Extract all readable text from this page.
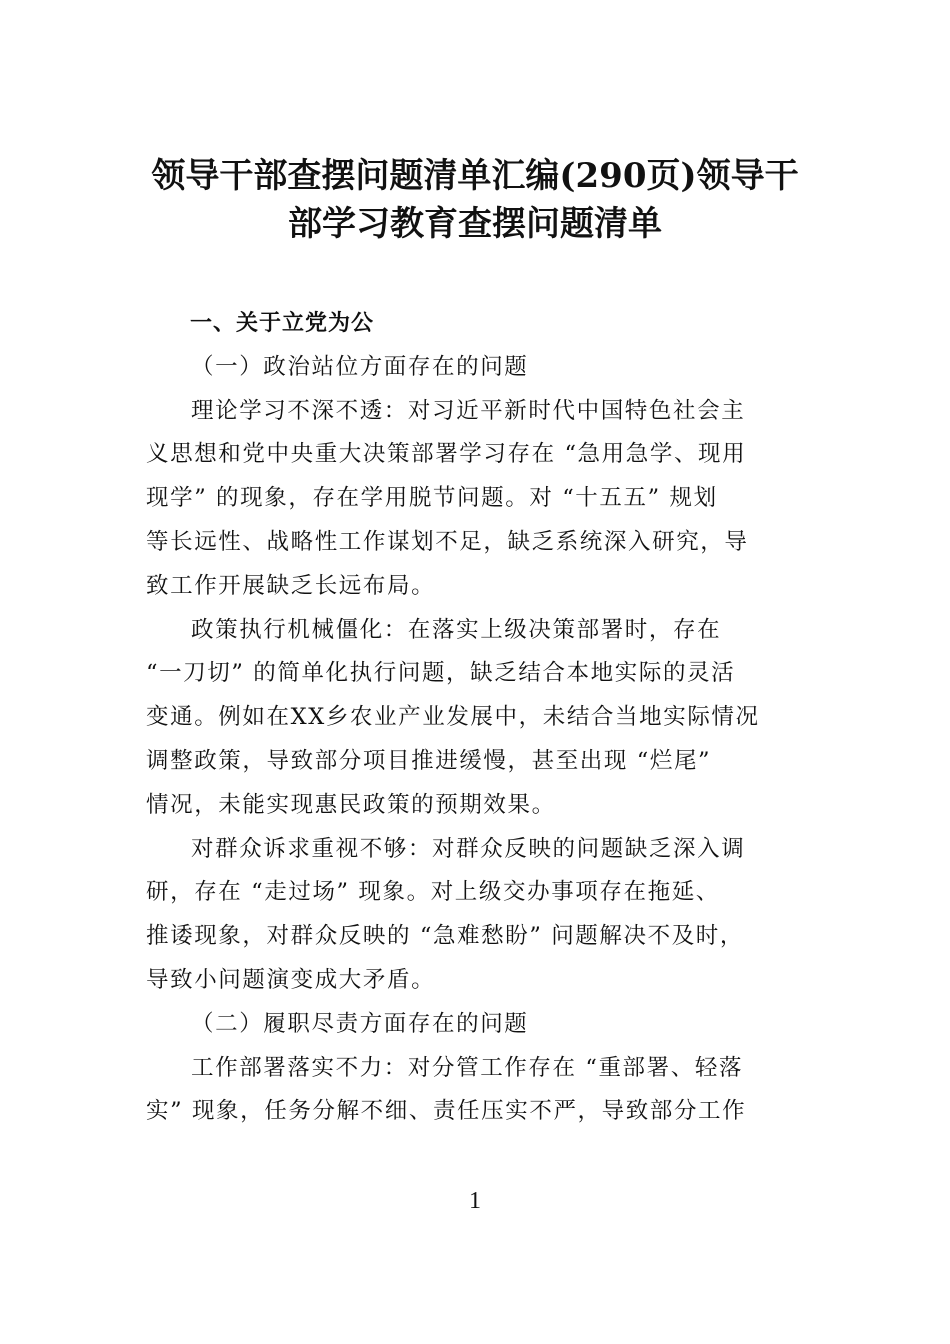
领导干部查摆问题清单汇编(290页)领导干
部学习教育查摆问题清单

一、关于立党为公

（一）政治站位方面存在的问题

理论学习不深不透：对习近平新时代中国特色社会主
义思想和党中央重大决策部署学习存在 “急用急学、现用
现学” 的现象，存在学用脱节问题。对 “十五五” 规划
等长远性、战略性工作谋划不足，缺乏系统深入研究，导
致工作开展缺乏长远布局。

政策执行机械僵化：在落实上级决策部署时，存在
“一刀切” 的简单化执行问题，缺乏结合本地实际的灵活
变通。例如在XX乡农业产业发展中，未结合当地实际情况
调整政策，导致部分项目推进缓慢，甚至出现 “烂尾”
情况，未能实现惠民政策的预期效果。

对群众诉求重视不够：对群众反映的问题缺乏深入调
研，存在 “走过场” 现象。对上级交办事项存在拖延、
推诿现象，对群众反映的 “急难愁盼” 问题解决不及时，
导致小问题演变成大矛盾。

（二）履职尽责方面存在的问题

工作部署落实不力：对分管工作存在 “重部署、轻落
实” 现象，任务分解不细、责任压实不严，导致部分工作

1
